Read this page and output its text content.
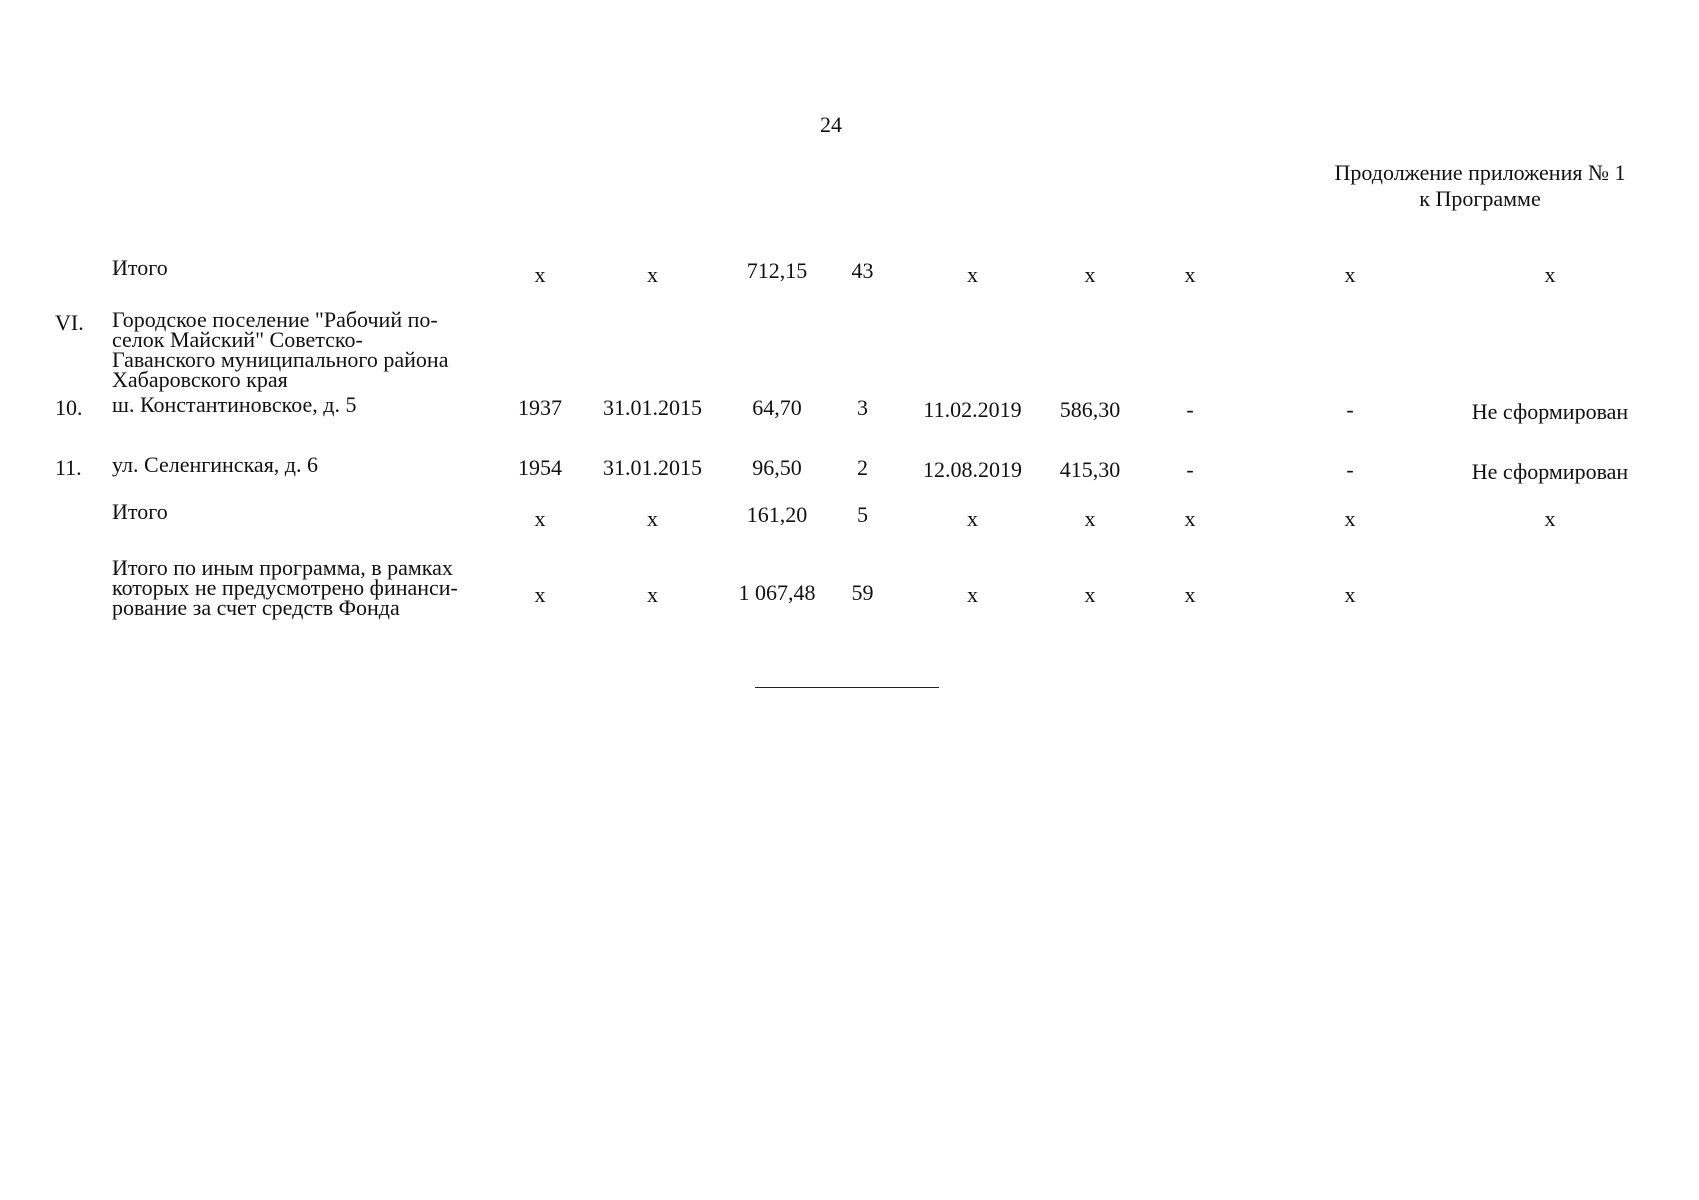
24
Продолжение приложения № 1
к Программе
Итого	х	х	712,15	43	х	х	х	х	х
VI. Городское поселение "Рабочий по-
селок Майский" Советско-
Гаванского муниципального района
Хабаровского края
10. ш. Константиновское, д. 5	1937	31.01.2015	64,70	3	11.02.2019	586,30	-	-	Не сформирован
11. ул. Селенгинская, д. 6	1954	31.01.2015	96,50	2	12.08.2019	415,30	-	-	Не сформирован
Итого	х	х	161,20	5	х	х	х	х	х
Итого по иным программа, в рамках
которых не предусмотрено финанси-
рование за счет средств Фонда
х	х	1 067,48	59	х	х	х	х
